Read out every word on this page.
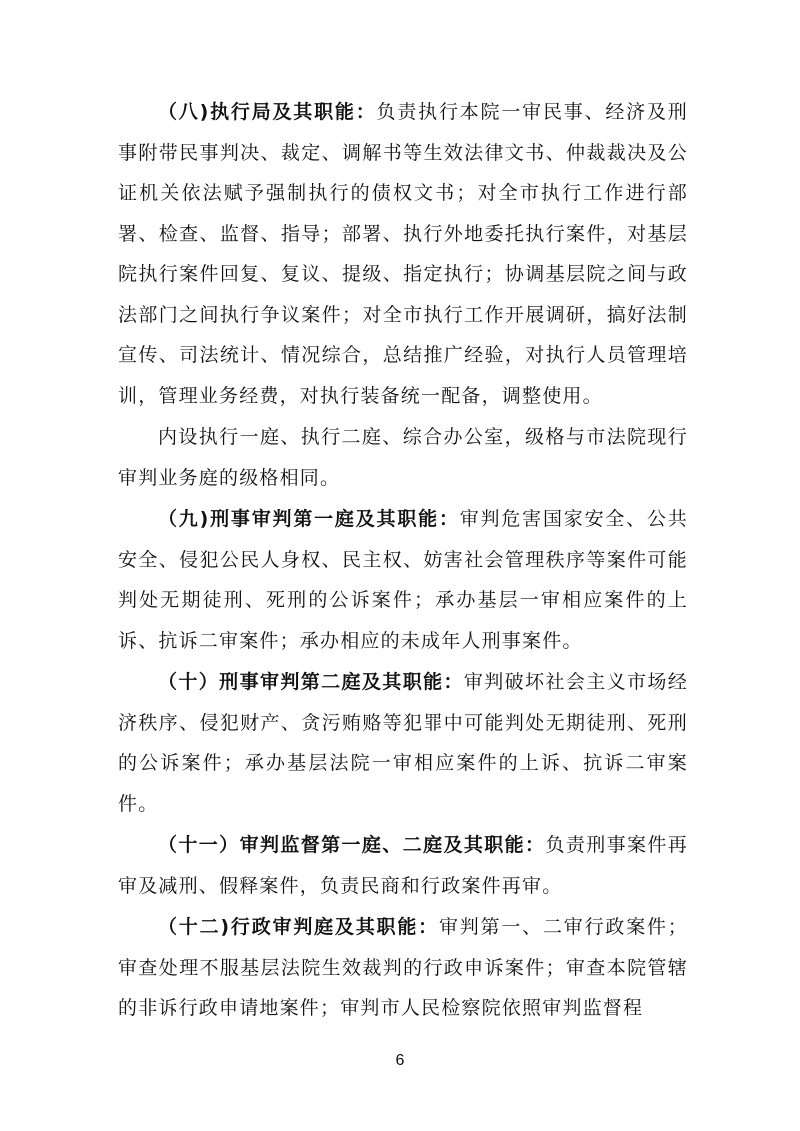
（八)执行局及其职能：负责执行本院一审民事、经济及刑事附带民事判决、裁定、调解书等生效法律文书、仲裁裁决及公证机关依法赋予强制执行的债权文书；对全市执行工作进行部署、检查、监督、指导；部署、执行外地委托执行案件，对基层院执行案件回复、复议、提级、指定执行；协调基层院之间与政法部门之间执行争议案件；对全市执行工作开展调研，搞好法制宣传、司法统计、情况综合，总结推广经验，对执行人员管理培训，管理业务经费，对执行装备统一配备，调整使用。

内设执行一庭、执行二庭、综合办公室，级格与市法院现行审判业务庭的级格相同。

（九)刑事审判第一庭及其职能：审判危害国家安全、公共安全、侵犯公民人身权、民主权、妨害社会管理秩序等案件可能判处无期徒刑、死刑的公诉案件；承办基层一审相应案件的上诉、抗诉二审案件；承办相应的未成年人刑事案件。

（十）刑事审判第二庭及其职能：审判破坏社会主义市场经济秩序、侵犯财产、贪污贿赂等犯罪中可能判处无期徒刑、死刑的公诉案件；承办基层法院一审相应案件的上诉、抗诉二审案件。

（十一）审判监督第一庭、二庭及其职能：负责刑事案件再审及减刑、假释案件，负责民商和行政案件再审。

（十二)行政审判庭及其职能：审判第一、二审行政案件；审查处理不服基层法院生效裁判的行政申诉案件；审查本院管辖的非诉行政申请地案件；审判市人民检察院依照审判监督程

6
